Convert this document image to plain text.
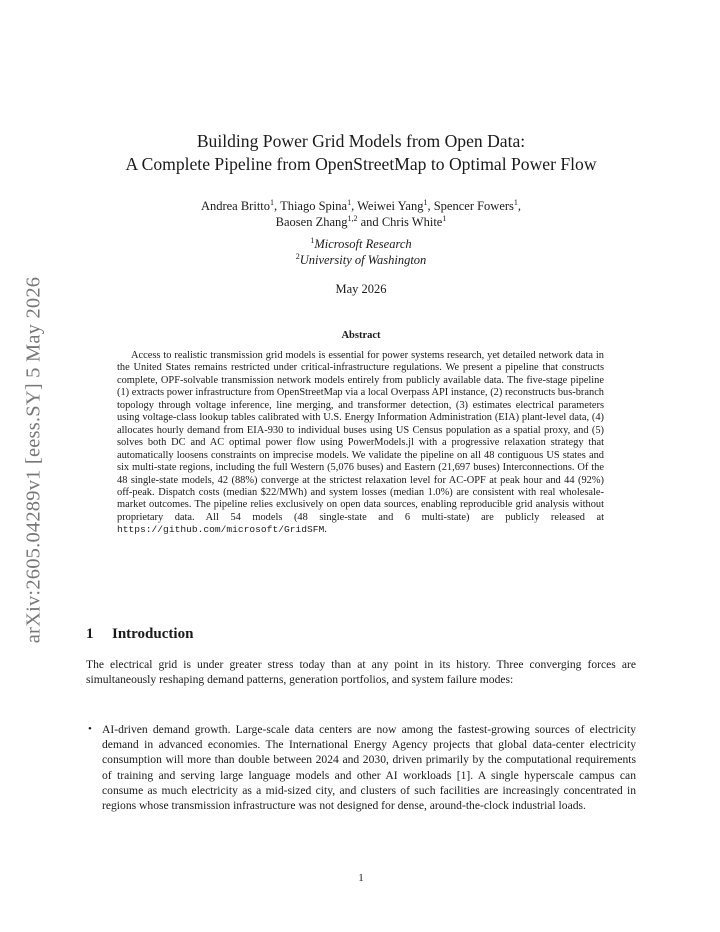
arXiv:2605.04289v1 [eess.SY] 5 May 2026
Building Power Grid Models from Open Data:
A Complete Pipeline from OpenStreetMap to Optimal Power Flow
Andrea Britto$^1$, Thiago Spina$^1$, Weiwei Yang$^1$, Spencer Fowers$^1$,
Baosen Zhang$^{1,2}$ and Chris White$^1$
$^1$Microsoft Research
$^2$University of Washington
May 2026
Abstract
Access to realistic transmission grid models is essential for power systems research, yet detailed network data in the United States remains restricted under critical-infrastructure regulations. We present a pipeline that constructs complete, OPF-solvable transmission network models entirely from publicly available data. The five-stage pipeline (1) extracts power infrastructure from OpenStreetMap via a local Overpass API instance, (2) reconstructs bus-branch topology through voltage inference, line merging, and transformer detection, (3) estimates electrical parameters using voltage-class lookup tables calibrated with U.S. Energy Information Administration (EIA) plant-level data, (4) allocates hourly demand from EIA-930 to individual buses using US Census population as a spatial proxy, and (5) solves both DC and AC optimal power flow using PowerModels.jl with a progressive relaxation strategy that automatically loosens constraints on imprecise models. We validate the pipeline on all 48 contiguous US states and six multi-state regions, including the full Western (5,076 buses) and Eastern (21,697 buses) Interconnections. Of the 48 single-state models, 42 (88%) converge at the strictest relaxation level for AC-OPF at peak hour and 44 (92%) off-peak. Dispatch costs (median $22/MWh) and system losses (median 1.0%) are consistent with real wholesale-market outcomes. The pipeline relies exclusively on open data sources, enabling reproducible grid analysis without proprietary data. All 54 models (48 single-state and 6 multi-state) are publicly released at https://github.com/microsoft/GridSFM.
1 Introduction
The electrical grid is under greater stress today than at any point in its history. Three converging forces are simultaneously reshaping demand patterns, generation portfolios, and system failure modes:
• AI-driven demand growth. Large-scale data centers are now among the fastest-growing sources of electricity demand in advanced economies. The International Energy Agency projects that global data-center electricity consumption will more than double between 2024 and 2030, driven primarily by the computational requirements of training and serving large language models and other AI workloads [1]. A single hyperscale campus can consume as much electricity as a mid-sized city, and clusters of such facilities are increasingly concentrated in regions whose transmission infrastructure was not designed for dense, around-the-clock industrial loads.
1
